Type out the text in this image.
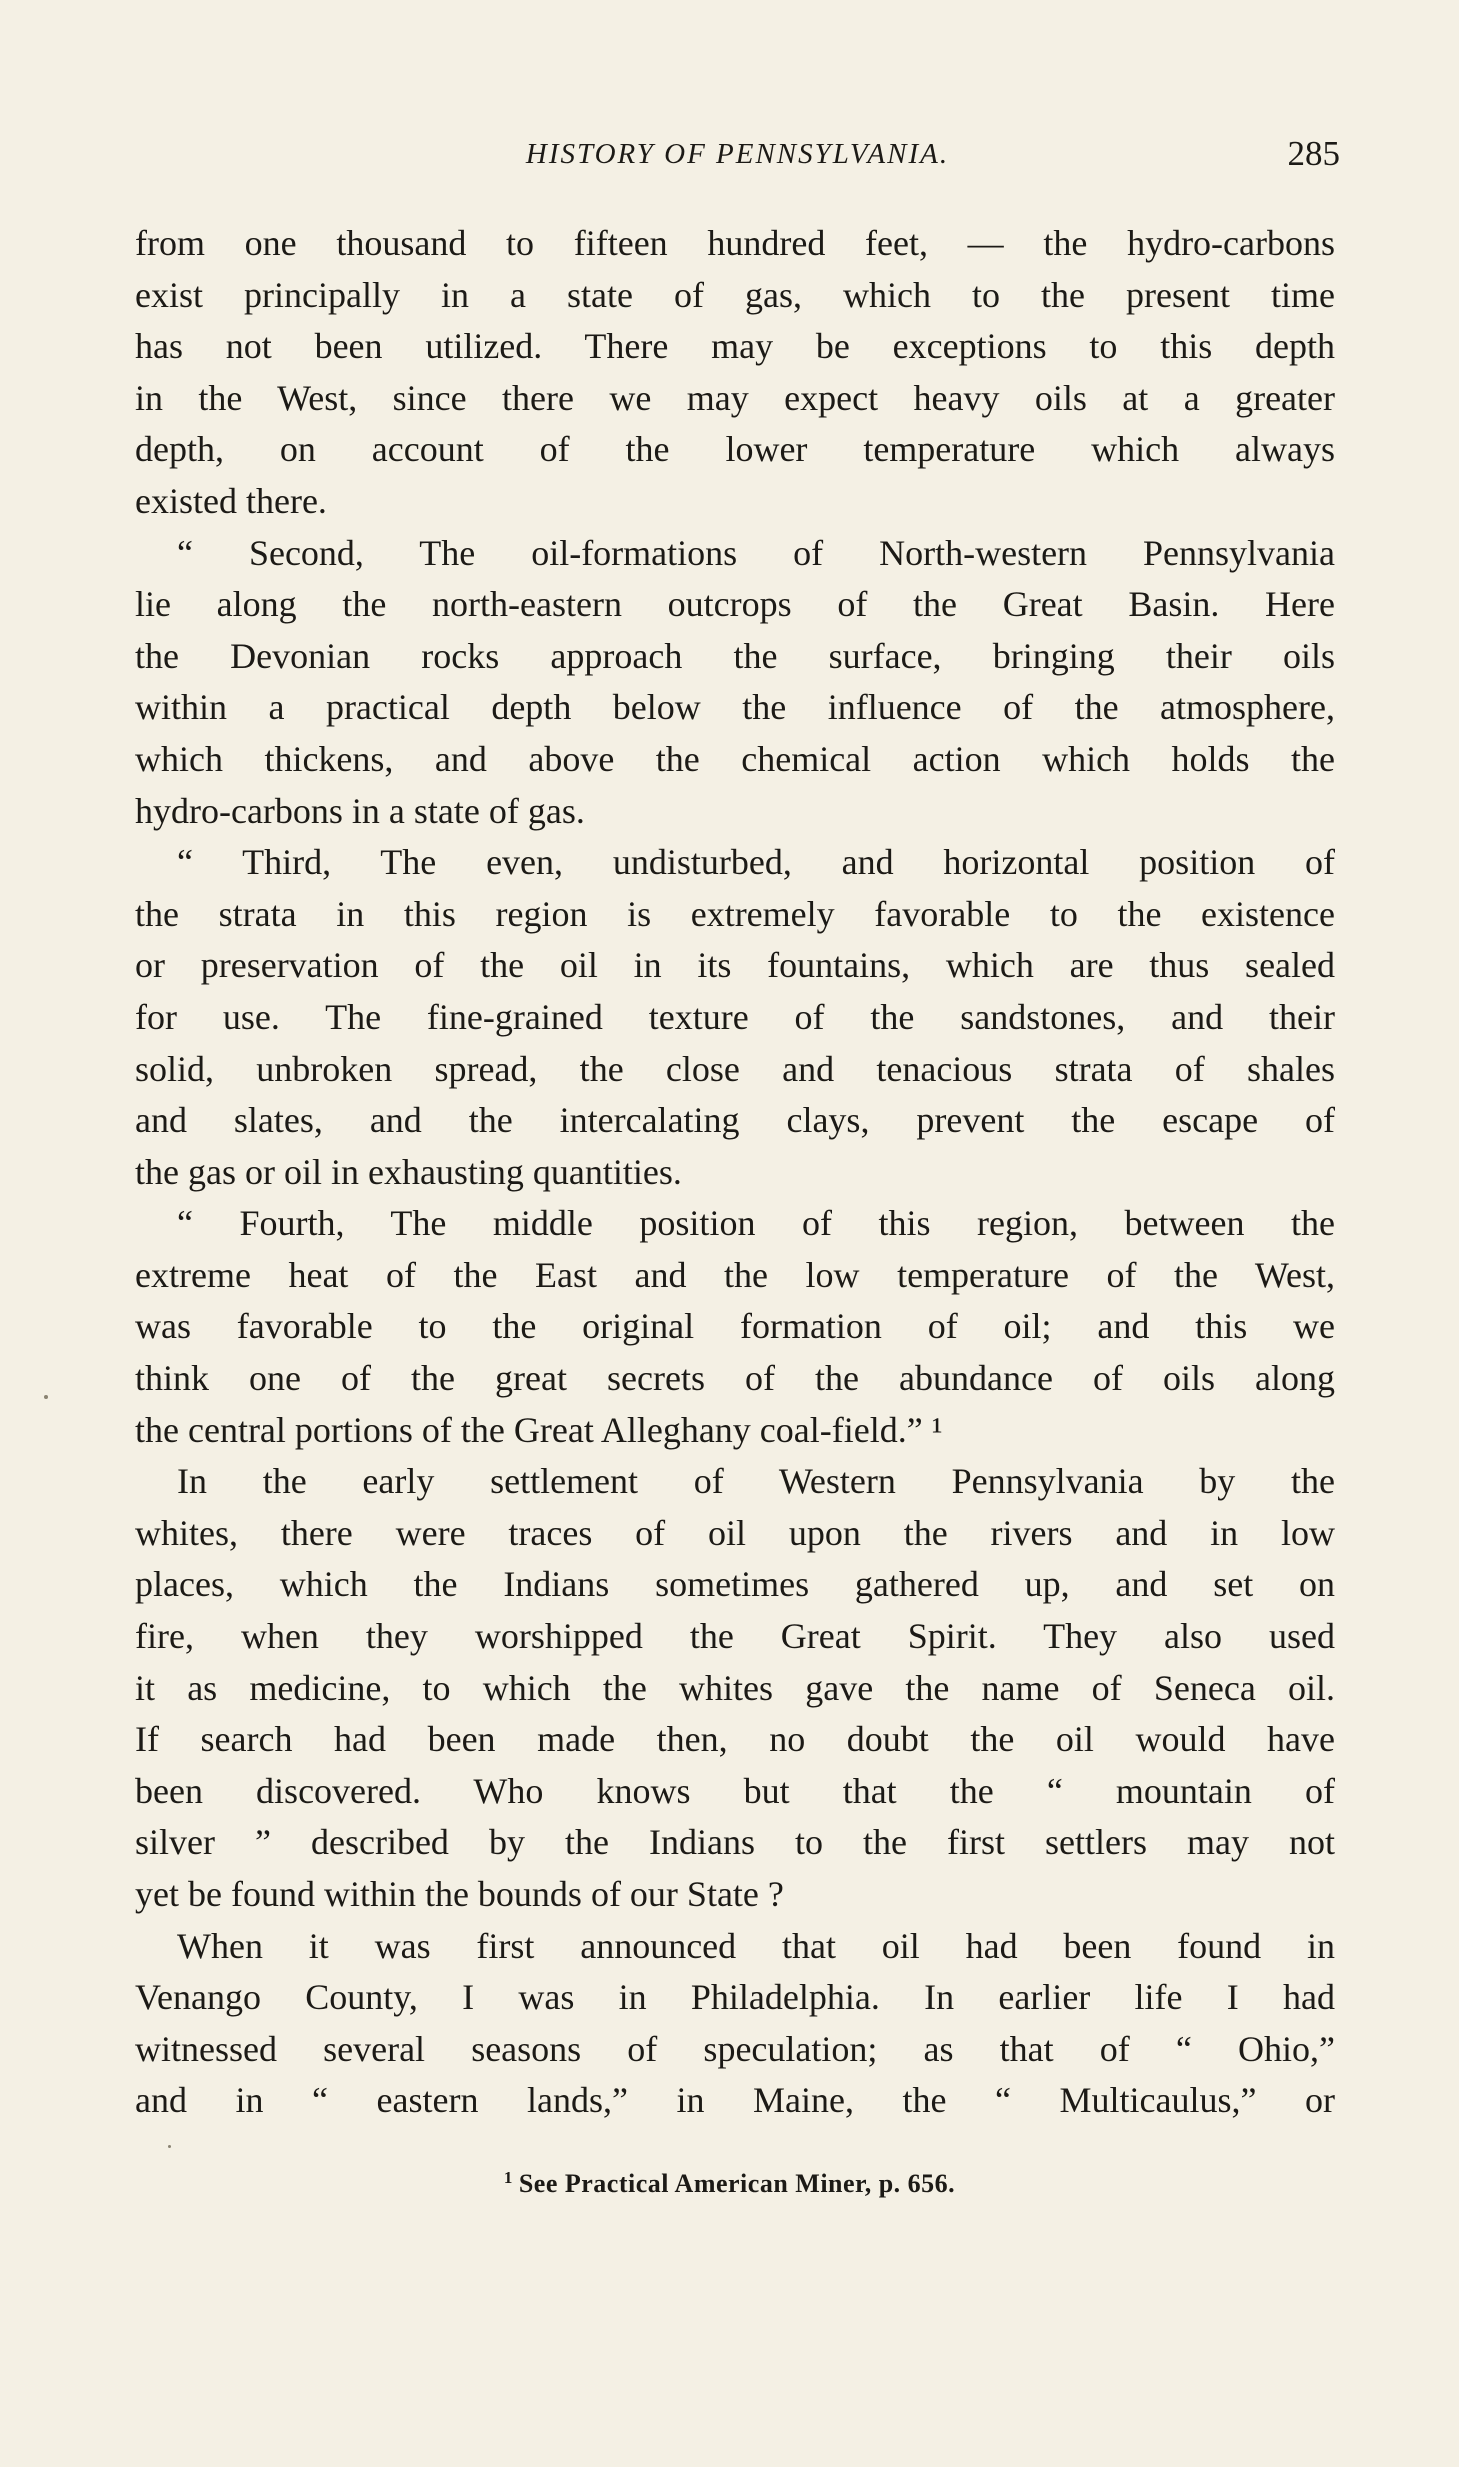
HISTORY OF PENNSYLVANIA.	285
from one thousand to fifteen hundred feet, — the hydro-carbons
exist principally in a state of gas, which to the present time
has not been utilized. There may be exceptions to this depth
in the West, since there we may expect heavy oils at a greater
depth, on account of the lower temperature which always
existed there.
“ Second, The oil-formations of North-western Pennsylvania
lie along the north-eastern outcrops of the Great Basin. Here
the Devonian rocks approach the surface, bringing their oils
within a practical depth below the influence of the atmosphere,
which thickens, and above the chemical action which holds the
hydro-carbons in a state of gas.
“ Third, The even, undisturbed, and horizontal position of
the strata in this region is extremely favorable to the existence
or preservation of the oil in its fountains, which are thus sealed
for use. The fine-grained texture of the sandstones, and their
solid, unbroken spread, the close and tenacious strata of shales
and slates, and the intercalating clays, prevent the escape of
the gas or oil in exhausting quantities.
“ Fourth, The middle position of this region, between the
extreme heat of the East and the low temperature of the West,
was favorable to the original formation of oil; and this we
think one of the great secrets of the abundance of oils along
the central portions of the Great Alleghany coal-field.” ¹
In the early settlement of Western Pennsylvania by the
whites, there were traces of oil upon the rivers and in low
places, which the Indians sometimes gathered up, and set on
fire, when they worshipped the Great Spirit. They also used
it as medicine, to which the whites gave the name of Seneca oil.
If search had been made then, no doubt the oil would have
been discovered. Who knows but that the “ mountain of
silver ” described by the Indians to the first settlers may not
yet be found within the bounds of our State ?
When it was first announced that oil had been found in
Venango County, I was in Philadelphia. In earlier life I had
witnessed several seasons of speculation; as that of “ Ohio,”
and in “ eastern lands,” in Maine, the “ Multicaulus,” or
$^1$ See Practical American Miner, p. 656.
